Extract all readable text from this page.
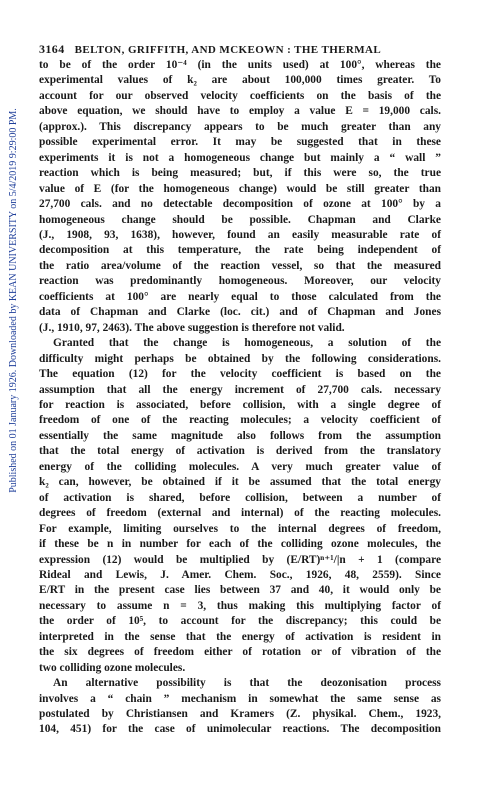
Published on 01 January 1926. Downloaded by KEAN UNIVERSITY on 5/4/2019 9:29:00 PM.
3164 BELTON, GRIFFITH, AND MCKEOWN : THE THERMAL

to be of the order 10⁻⁴ (in the units used) at 100°, whereas the

experimental values of k₂ are about 100,000 times greater. To

account for our observed velocity coefficients on the basis of the

above equation, we should have to employ a value E = 19,000 cals.

(approx.). This discrepancy appears to be much greater than any

possible experimental error. It may be suggested that in these

experiments it is not a homogeneous change but mainly a “ wall ”

reaction which is being measured; but, if this were so, the true

value of E (for the homogeneous change) would be still greater than

27,700 cals. and no detectable decomposition of ozone at 100° by a

homogeneous change should be possible. Chapman and Clarke

(J., 1908, 93, 1638), however, found an easily measurable rate of

decomposition at this temperature, the rate being independent of

the ratio area/volume of the reaction vessel, so that the measured

reaction was predominantly homogeneous. Moreover, our velocity

coefficients at 100° are nearly equal to those calculated from the

data of Chapman and Clarke (loc. cit.) and of Chapman and Jones

(J., 1910, 97, 2463). The above suggestion is therefore not valid.

Granted that the change is homogeneous, a solution of the

difficulty might perhaps be obtained by the following considerations.

The equation (12) for the velocity coefficient is based on the

assumption that all the energy increment of 27,700 cals. necessary

for reaction is associated, before collision, with a single degree of

freedom of one of the reacting molecules; a velocity coefficient of

essentially the same magnitude also follows from the assumption

that the total energy of activation is derived from the translatory

energy of the colliding molecules. A very much greater value of

k₂ can, however, be obtained if it be assumed that the total energy

of activation is shared, before collision, between a number of

degrees of freedom (external and internal) of the reacting molecules.

For example, limiting ourselves to the internal degrees of freedom,

if these be n in number for each of the colliding ozone molecules, the

expression (12) would be multiplied by (E/RT)ⁿ⁺¹/|n + 1 (compare

Rideal and Lewis, J. Amer. Chem. Soc., 1926, 48, 2559). Since

E/RT in the present case lies between 37 and 40, it would only be

necessary to assume n = 3, thus making this multiplying factor of

the order of 10⁵, to account for the discrepancy; this could be

interpreted in the sense that the energy of activation is resident in

the six degrees of freedom either of rotation or of vibration of the

two colliding ozone molecules.

An alternative possibility is that the deozonisation process

involves a “ chain ” mechanism in somewhat the same sense as

postulated by Christiansen and Kramers (Z. physikal. Chem., 1923,

104, 451) for the case of unimolecular reactions. The decomposition
